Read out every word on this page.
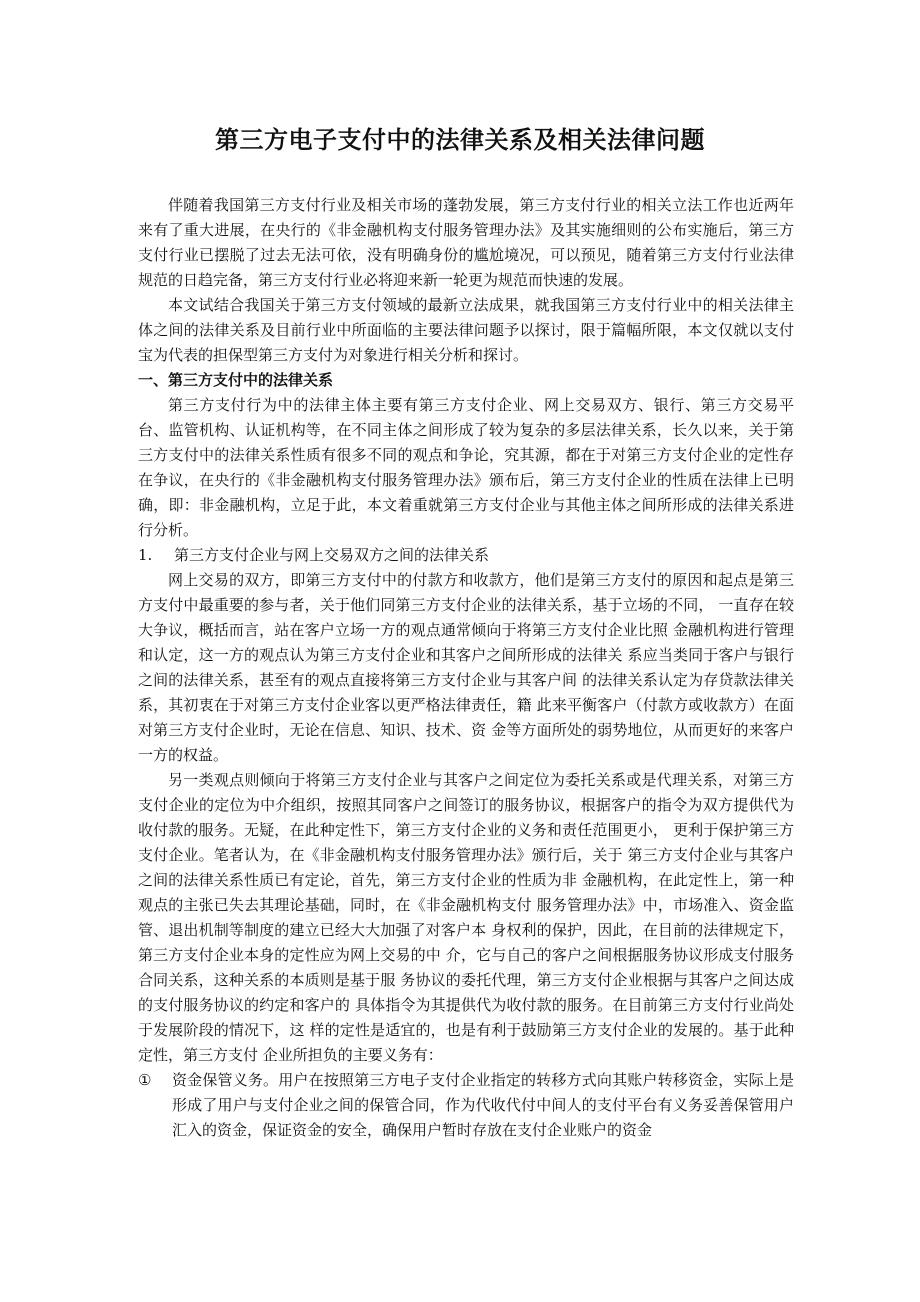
第三方电子支付中的法律关系及相关法律问题

伴随着我国第三方支付行业及相关市场的蓬勃发展，第三方支付行业的相关立法工作也近两年来有了重大进展，在央行的《非金融机构支付服务管理办法》及其实施细则的公布实施后，第三方支付行业已摆脱了过去无法可依，没有明确身份的尴尬境况，可以预见，随着第三方支付行业法律规范的日趋完备，第三方支付行业必将迎来新一轮更为规范而快速的发展。

本文试结合我国关于第三方支付领域的最新立法成果，就我国第三方支付行业中的相关法律主体之间的法律关系及目前行业中所面临的主要法律问题予以探讨，限于篇幅所限，本文仅就以支付宝为代表的担保型第三方支付为对象进行相关分析和探讨。

一、第三方支付中的法律关系

第三方支付行为中的法律主体主要有第三方支付企业、网上交易双方、银行、第三方交易平台、监管机构、认证机构等，在不同主体之间形成了较为复杂的多层法律关系，长久以来，关于第三方支付中的法律关系性质有很多不同的观点和争论，究其源，都在于对第三方支付企业的定性存在争议，在央行的《非金融机构支付服务管理办法》颁布后，第三方支付企业的性质在法律上已明确，即：非金融机构，立足于此，本文着重就第三方支付企业与其他主体之间所形成的法律关系进行分析。

1.	第三方支付企业与网上交易双方之间的法律关系

网上交易的双方，即第三方支付中的付款方和收款方，他们是第三方支付的原因和起点是第三方支付中最重要的参与者，关于他们同第三方支付企业的法律关系，基于立场的不同， 一直存在较大争议，概括而言，站在客户立场一方的观点通常倾向于将第三方支付企业比照 金融机构进行管理和认定，这一方的观点认为第三方支付企业和其客户之间所形成的法律关 系应当类同于客户与银行之间的法律关系，甚至有的观点直接将第三方支付企业与其客户间 的法律关系认定为存贷款法律关系，其初衷在于对第三方支付企业客以更严格法律责任，籍 此来平衡客户（付款方或收款方）在面对第三方支付企业时，无论在信息、知识、技术、资 金等方面所处的弱势地位，从而更好的来客户一方的权益。

另一类观点则倾向于将第三方支付企业与其客户之间定位为委托关系或是代理关系，对第三方支付企业的定位为中介组织，按照其同客户之间签订的服务协议，根据客户的指令为双方提供代为收付款的服务。无疑，在此种定性下，第三方支付企业的义务和责任范围更小， 更利于保护第三方支付企业。笔者认为，在《非金融机构支付服务管理办法》颁行后，关于 第三方支付企业与其客户之间的法律关系性质已有定论，首先，第三方支付企业的性质为非 金融机构，在此定性上，第一种观点的主张已失去其理论基础，同时，在《非金融机构支付 服务管理办法》中，市场准入、资金监管、退出机制等制度的建立已经大大加强了对客户本 身权利的保护，因此，在目前的法律规定下，第三方支付企业本身的定性应为网上交易的中 介，它与自己的客户之间根据服务协议形成支付服务合同关系，这种关系的本质则是基于服 务协议的委托代理，第三方支付企业根据与其客户之间达成的支付服务协议的约定和客户的 具体指令为其提供代为收付款的服务。在目前第三方支付行业尚处于发展阶段的情况下，这 样的定性是适宜的，也是有利于鼓励第三方支付企业的发展的。基于此种定性，第三方支付 企业所担负的主要义务有：

①	资金保管义务。用户在按照第三方电子支付企业指定的转移方式向其账户转移资金，实际上是形成了用户与支付企业之间的保管合同，作为代收代付中间人的支付平台有义务妥善保管用户汇入的资金，保证资金的安全，确保用户暂时存放在支付企业账户的资金
